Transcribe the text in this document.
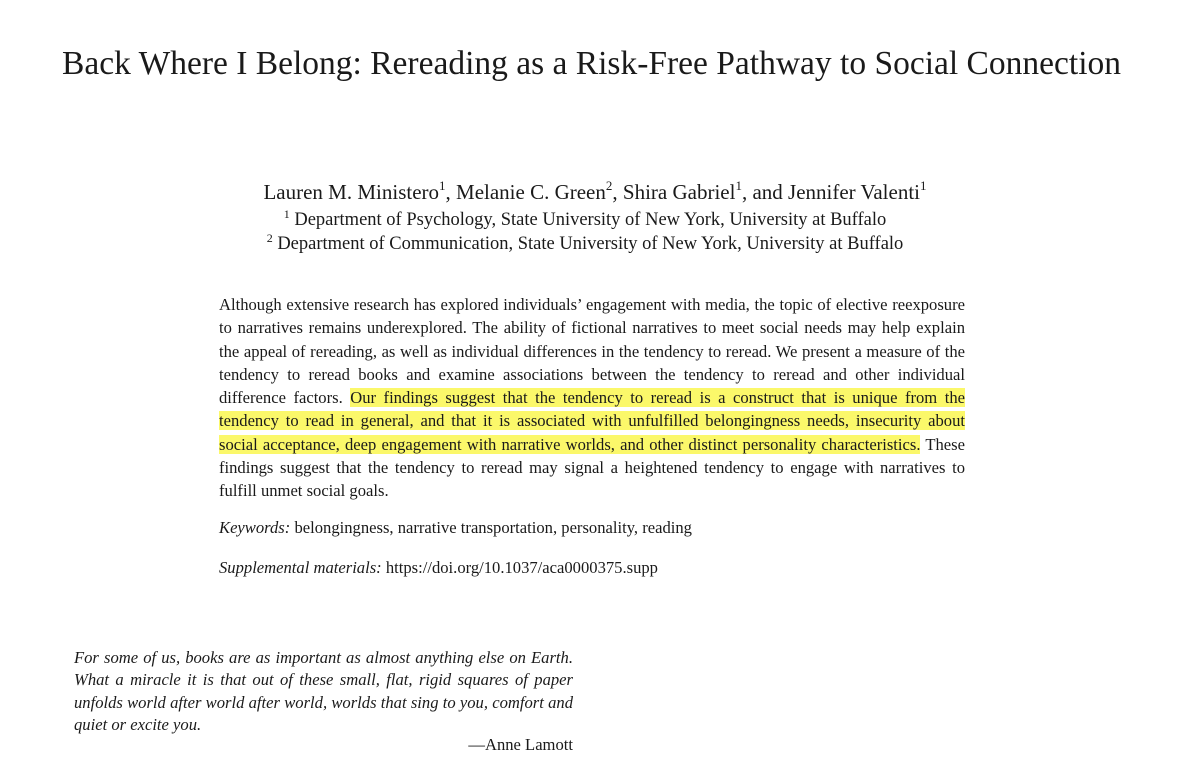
Back Where I Belong: Rereading as a Risk-Free Pathway to Social Connection
Lauren M. Ministero$^1$, Melanie C. Green$^2$, Shira Gabriel$^1$, and Jennifer Valenti$^1$
$^1$ Department of Psychology, State University of New York, University at Buffalo
$^2$ Department of Communication, State University of New York, University at Buffalo

Although extensive research has explored individuals’ engagement with media, the topic of elective reexposure to narratives remains underexplored. The ability of fictional narratives to meet social needs may help explain the appeal of rereading, as well as individual differences in the tendency to reread. We present a measure of the tendency to reread books and examine associations between the tendency to reread and other individual difference factors. Our findings suggest that the tendency to reread is a construct that is unique from the tendency to read in general, and that it is associated with unfulfilled belongingness needs, insecurity about social acceptance, deep engagement with narrative worlds, and other distinct personality characteristics. These findings suggest that the tendency to reread may signal a heightened tendency to engage with narratives to fulfill unmet social goals.

Keywords: belongingness, narrative transportation, personality, reading
Supplemental materials: https://doi.org/10.1037/aca0000375.supp

For some of us, books are as important as almost anything else on Earth. What a miracle it is that out of these small, flat, rigid squares of paper unfolds world after world after world, worlds that sing to you, comfort and quiet or excite you.

—Anne Lamott
